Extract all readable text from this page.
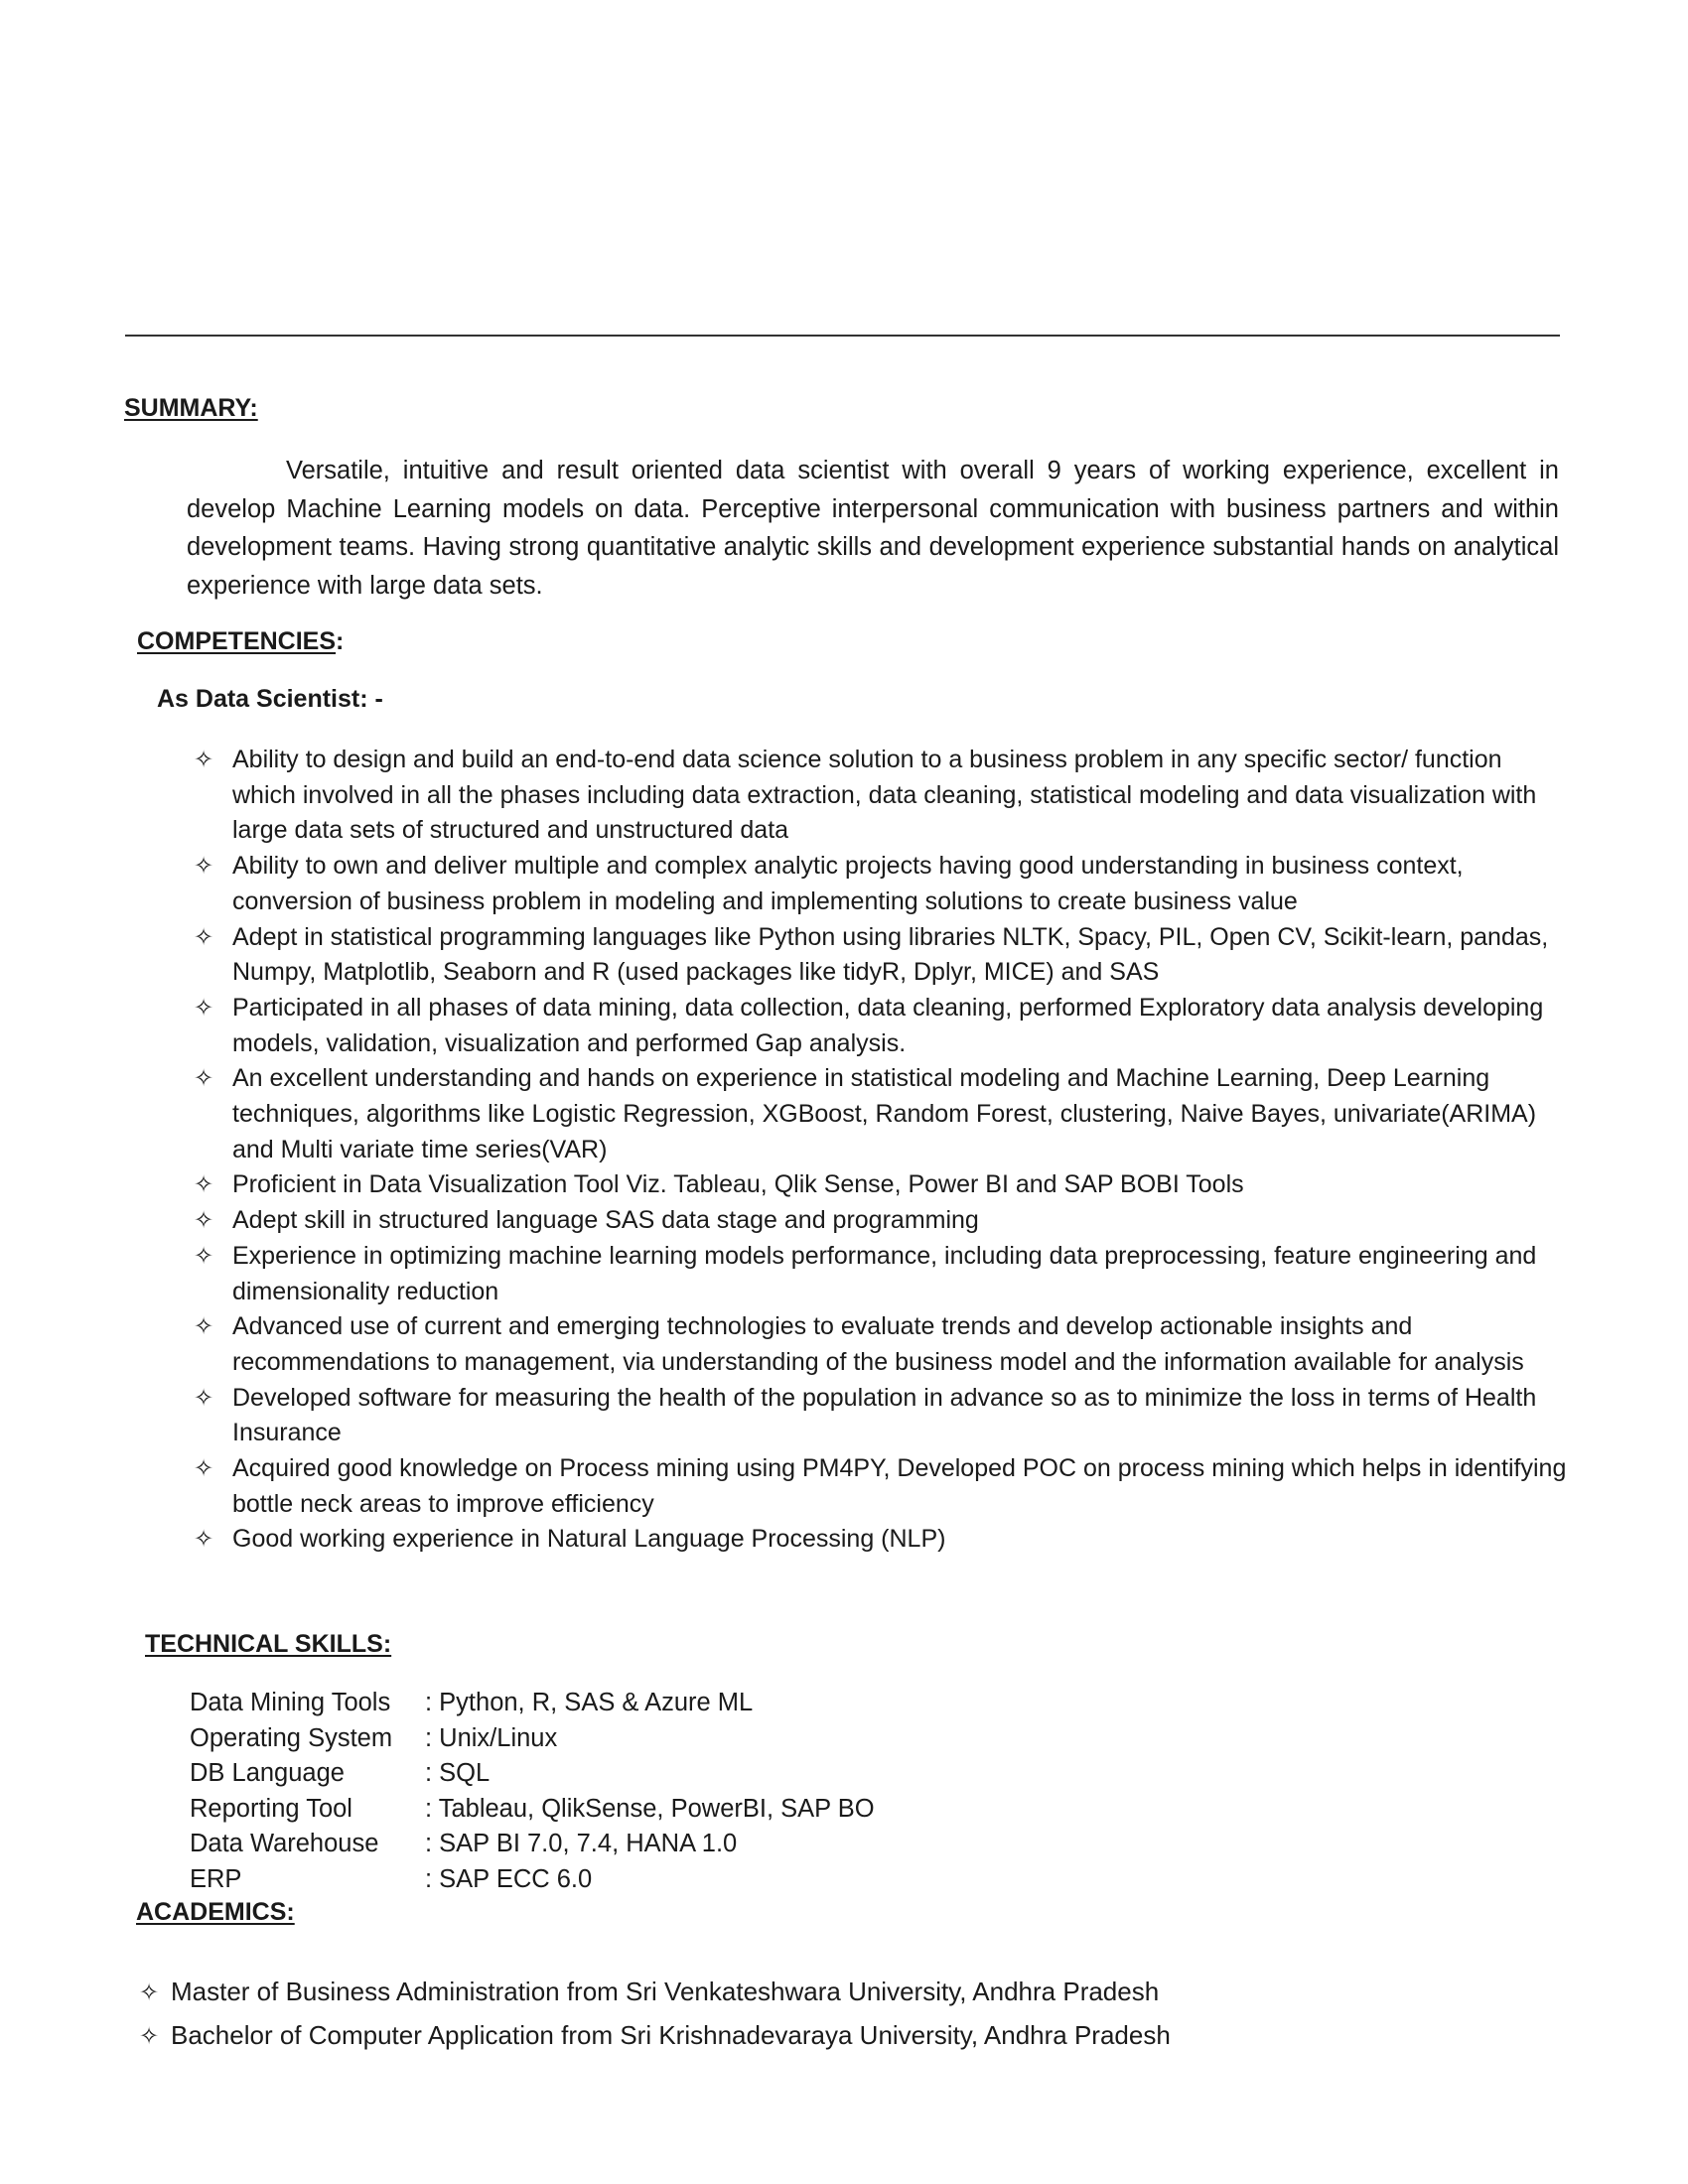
SUMMARY:
Versatile, intuitive and result oriented data scientist with overall 9 years of working experience, excellent in develop Machine Learning models on data. Perceptive interpersonal communication with business partners and within development teams. Having strong quantitative analytic skills and development experience substantial hands on analytical experience with large data sets.
COMPETENCIES:
As Data Scientist: -
✧ Ability to design and build an end-to-end data science solution to a business problem in any specific sector/ function which involved in all the phases including data extraction, data cleaning, statistical modeling and data visualization with large data sets of structured and unstructured data
✧ Ability to own and deliver multiple and complex analytic projects having good understanding in business context, conversion of business problem in modeling and implementing solutions to create business value
✧ Adept in statistical programming languages like Python using libraries NLTK, Spacy, PIL, Open CV, Scikit-learn, pandas, Numpy, Matplotlib, Seaborn and R (used packages like tidyR, Dplyr, MICE) and SAS
✧ Participated in all phases of data mining, data collection, data cleaning, performed Exploratory data analysis developing models, validation, visualization and performed Gap analysis.
✧ An excellent understanding and hands on experience in statistical modeling and Machine Learning, Deep Learning techniques, algorithms like Logistic Regression, XGBoost, Random Forest, clustering, Naive Bayes, univariate(ARIMA) and Multi variate time series(VAR)
✧ Proficient in Data Visualization Tool Viz. Tableau, Qlik Sense, Power BI and SAP BOBI Tools
✧ Adept skill in structured language SAS data stage and programming
✧ Experience in optimizing machine learning models performance, including data preprocessing, feature engineering and dimensionality reduction
✧ Advanced use of current and emerging technologies to evaluate trends and develop actionable insights and recommendations to management, via understanding of the business model and the information available for analysis
✧ Developed software for measuring the health of the population in advance so as to minimize the loss in terms of Health Insurance
✧ Acquired good knowledge on Process mining using PM4PY, Developed POC on process mining which helps in identifying bottle neck areas to improve efficiency
✧ Good working experience in Natural Language Processing (NLP)
TECHNICAL SKILLS:
Data Mining Tools	: Python, R, SAS & Azure ML
Operating System	: Unix/Linux
DB Language	: SQL
Reporting Tool	: Tableau, QlikSense, PowerBI, SAP BO
Data Warehouse	: SAP BI 7.0, 7.4, HANA 1.0
ERP	: SAP ECC 6.0
ACADEMICS:
✧ Master of Business Administration from Sri Venkateshwara University, Andhra Pradesh
✧ Bachelor of Computer Application from Sri Krishnadevaraya University, Andhra Pradesh
